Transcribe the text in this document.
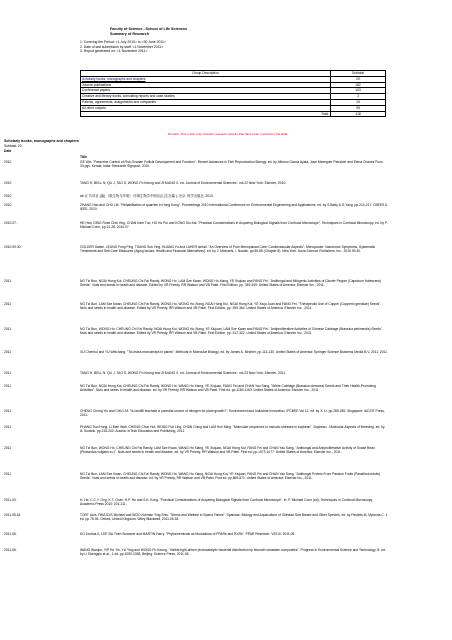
Faculty of Science - School of Life Sciences
Summary of Research
1. Covering the Period: <1 July 2010> to <30 June 2011>
2. Date of last submission by staff: <1 November 2011>
3. Report generated on: <1 November 2011>
Group Description	Subtotal
Scholarly books, monographs and chapters	20
Journal publications	182
Conference papers	103
Creative and literary works, consulting reports and case studies	3
Patents, agreements, assignments and companies	15
All other outputs	95
Total:	418
Remark: This report only includes research outputs that have been reported to the RAE.
Scholarly books, monographs and chapters
Subtotal: 20
Date
Title
2010	GE Wei. "Paracrine Control of Fish Ovarian Follicle Development and Function". Recent Advances in Fish Reproduction Biology. ed. by Alfonso Garcia Ayala, Jose Meseguer Penalver and Elena Chaves Pozo. 33 pgs. Kerala, India: Research Signpost, 2010.
2010	TANG H, BELL N, QU J, TAO S, WONG Po Keung and ZHUANG X. ed. Journal of Environmental Sciences : vol.22 New York: Elsevier, 2010.
2010	ab 区 共项目 (编) 《微生物与环境》 环境生物学中的前沿 (生态篇 ). 北京: 科学出版社, 2010.
2010	ZHANG Hao and CHU LM. "Rehabilitation of quarries in Hong Kong". Proceedings 2010 International Conference on Environmental Engineering and Applications. ed. by S Batty & G Yang. pp.214-217. CBEES & IEEE, 2010.
2010.07.	HE Han, DING Rose Chik Ying, CHAN Kam Tuo, HO Ho Pui and KONG Siu Kai. "Practical Considerations in Acquiring Biological Signals from Confocal Microscope". Techniques in Confocal Microscopy. ed. by P. Michael Conn. pp.21-28. 2010.07.
2010.09.30.	GOLDER Satish, LEUNG Fung Ping, TSANG Suk Ying, HUANG Yu and LAHER Ismail. "An Overview of Poor Menopausal Care: Cardiovascular Aspects". Menopause: Vasomotor Symptoms, Systematic Treatments and Self-Care Measures (Aging Issues, Health and Financial Alternatives). ed. by J. Michaels, I. Nowak. pp.55-85 (Chapter 8). New York: Nova Science Publishers, Inc., 2010.09.30.
2011	NG Tzi Bun, NGAI Hung Kui, CHEUNG Chi Fai Randy, WONG Ho, LAM Sze Kwan, WONG Ho Xiang, YE Xiujuan and FANG Fei. "Antifungal and Mitogenic Activities of Cluster Pepper (Capsicum frutescens) Seeds". Nuts and seeds in health and disease. Edited by VR Preedy, RR Watson and VB Patel. First Edition. pp. 349-349. United States of America: Elsevier Inc., 2011.
2011	NG Tzi Bun, LAM Sze Kwan, CHEUNG Chi Fai Randy, WONG Ho, WONG Ho Xiang, NGAI Hung Kui, NGAI Hung Kui, YE Xiuju Juan and FANG Fei. "Therapeutic Use of Copper (Copperin genisiae) Seeds". Nuts and seeds in health and disease. Edited by VR Preedy, RR Watson and VB Patel. First Edition. pp. 359-364. United States of America: Elsevier Inc., 2011.
2011	NG Tzi Bun, WONG Ho, CHEUNG Chi Fai Randy, NGAI Hung Kui, WONG Ho Xiang, YE Xiujuan, LAM Sze Kwan and FANG Fei. "Antiproliferative Activities of Chinese Cabbage (Brassica pekinensis) Seeds". Nuts and seeds in health and disease. Edited by VR Preedy, RR Watson and VB Patel. First Edition. pp. 317-322. United States of America: Elsevier Inc., 2011.
2011	XU Chenhui and YU Weichang. "Tol-mass microarrays in plants". Methods in Molecular Biology. ed. by James A. Birchler. pp.113-130. United States of America: Springer Science Business Media B.V. 2011, 2011.
2011	TANG H, BELL N, QU J, TAO S, WONG Po Keung and ZHUANG X. ed. Journal of Environmental Sciences : vol.23 New York: Elsevier, 2011.
2011	NG Tzi Bun, NGAI Hung Kui, CHEUNG Chi Fai Randy, WONG Ho, WANG Ho Xiang, YE Xiujuan, FANG Fei and CHAN Yau Sang. "White Cabbage (Brassica oleracea) Seeds and Their Health-Promoting Activities". Nuts and seeds in health and disease. ed. by VR Preedy, RR Watson and VB Patel. First ed. pp.1159-1163. United States of America: Elsevier Inc., 2011.
2011	CHENG Chung Yiu and CHU LM. "Is landfill leachate a potential source of nitrogen for plant growth?". Environment and Industrial Innovation, IPCBEE Vol 12. ed. by X. Li. pp.285-289. Singapore: IACSIT Press, 2011.
2011	PHANG Tsui Hung, LI Man Wah, CHENG Chun Hoi, WONG Fuk Ling, CHAN Ching and LAM Hon Ming. "Molecular responses to osmotic stresses in soybean". Soybean - Molecular Aspects of Breeding. ed. by A. Sudaric. pp.215-240. Austria: InTech Education and Publishing, 2011.
2011	NG Tzi Bun, WONG Ho, CHEUNG Chi Fai Randy, LAM Sze Kwan, WANG Ho Xiang, YE Xiujuan, NGAI Hung Kui, FANG Fei and CHAN Yau Sang. "Antifungal and Antiproliferative Activity of Snake Bean (Phaseolus vulgaris cv.)". Nuts and seeds in health and disease. ed. by VR Preedy, RR Watson and VB Patel. First ed. pp.1073-1077. United States of America: Elsevier Inc., 2011.
2011	NG Tzi Bun, LAM Sze Kwan, CHEUNG Chi Fai Randy, WONG Ho, WANG Ho Xiang, NGAI Hung Kui, YE Xiujuan, FANG Fei and CHAN Yau Sang. "Antifungal Protein From Passion Fruits (Passiflora edulis) Seeds". Nuts and seeds in health and disease. ed. by VR Preedy, RR Watson and VB Patel. First ed. pp.869-871. United States of America: Elsevier Inc., 2011.
2011.03.	H. He, C.C.Y. Ong, K.T. Chan, H.P. Ho and S.K. Kong. "Practical Considerations of Acquiring Biological Signals from Confocal Microscope". in: P. Michael Conn (ed), Techniques in Confocal Microscopy, Academic Press 2010: 201-211.
2011.05.18.	TORT Lluis, PAVLIDIS Michael and WOO Norman Ying Shiu. "Stress and Welfare in Sparid Fishes". Sparidae: Biology and Aquaculture of Gilthead Sea Bream and Other Species. ed. by Pavlidis M, Mylonas C. 1 ed. pp.75-94. Oxford, United Kingdom: Wiley Blackwell, 2011.05.18.
2011.05.	KO Joshua K, LEE Siu Tuen Susanne and MARTIN Harry. "Phytochemicals as Modulators of PPARs and RXRs". PPAR Research. V2010: 2011.05.
2011.06.	WANG Wanjun, YIP Ho Yin, YU Ying and WONG Po Keung. "Visible-light-driven photocatalytic bacterial disinfection by bismuth vanadate composites". Progress in Environmental Science and Technology III. ed. by Li Shengqiu et al., 1 ed. pp.1053-1058. Beijing: Science Press, 2011.06.
